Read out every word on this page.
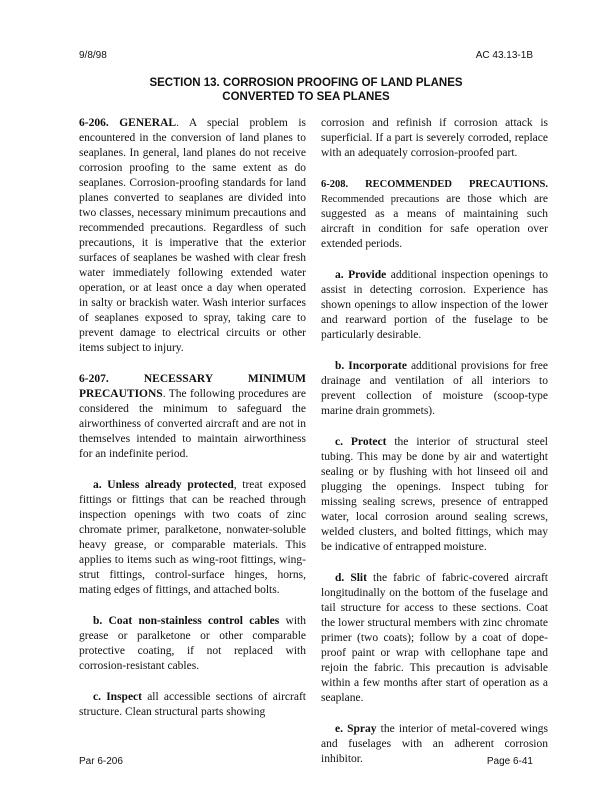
9/8/98	AC 43.13-1B
SECTION 13. CORROSION PROOFING OF LAND PLANES
CONVERTED TO SEA PLANES

6-206. GENERAL. A special problem is encountered in the conversion of land planes to seaplanes. In general, land planes do not receive corrosion proofing to the same extent as do seaplanes. Corrosion-proofing standards for land planes converted to seaplanes are divided into two classes, necessary minimum precautions and recommended precautions. Regardless of such precautions, it is imperative that the exterior surfaces of seaplanes be washed with clear fresh water immediately following extended water operation, or at least once a day when operated in salty or brackish water. Wash interior surfaces of seaplanes exposed to spray, taking care to prevent damage to electrical circuits or other items subject to injury.

6-207. NECESSARY MINIMUM PRECAUTIONS. The following procedures are considered the minimum to safeguard the airworthiness of converted aircraft and are not in themselves intended to maintain airworthiness for an indefinite period.

a. Unless already protected, treat exposed fittings or fittings that can be reached through inspection openings with two coats of zinc chromate primer, paralketone, nonwater-soluble heavy grease, or comparable materials. This applies to items such as wing-root fittings, wing-strut fittings, control-surface hinges, horns, mating edges of fittings, and attached bolts.

b. Coat non-stainless control cables with grease or paralketone or other comparable protective coating, if not replaced with corrosion-resistant cables.

c. Inspect all accessible sections of aircraft structure. Clean structural parts showing

corrosion and refinish if corrosion attack is superficial. If a part is severely corroded, replace with an adequately corrosion-proofed part.

6-208. RECOMMENDED PRECAUTIONS. Recommended precautions are those which are suggested as a means of maintaining such aircraft in condition for safe operation over extended periods.

a. Provide additional inspection openings to assist in detecting corrosion. Experience has shown openings to allow inspection of the lower and rearward portion of the fuselage to be particularly desirable.

b. Incorporate additional provisions for free drainage and ventilation of all interiors to prevent collection of moisture (scoop-type marine drain grommets).

c. Protect the interior of structural steel tubing. This may be done by air and watertight sealing or by flushing with hot linseed oil and plugging the openings. Inspect tubing for missing sealing screws, presence of entrapped water, local corrosion around sealing screws, welded clusters, and bolted fittings, which may be indicative of entrapped moisture.

d. Slit the fabric of fabric-covered aircraft longitudinally on the bottom of the fuselage and tail structure for access to these sections. Coat the lower structural members with zinc chromate primer (two coats); follow by a coat of dope-proof paint or wrap with cellophane tape and rejoin the fabric. This precaution is advisable within a few months after start of operation as a seaplane.

e. Spray the interior of metal-covered wings and fuselages with an adherent corrosion inhibitor.

Par 6-206	Page 6-41
